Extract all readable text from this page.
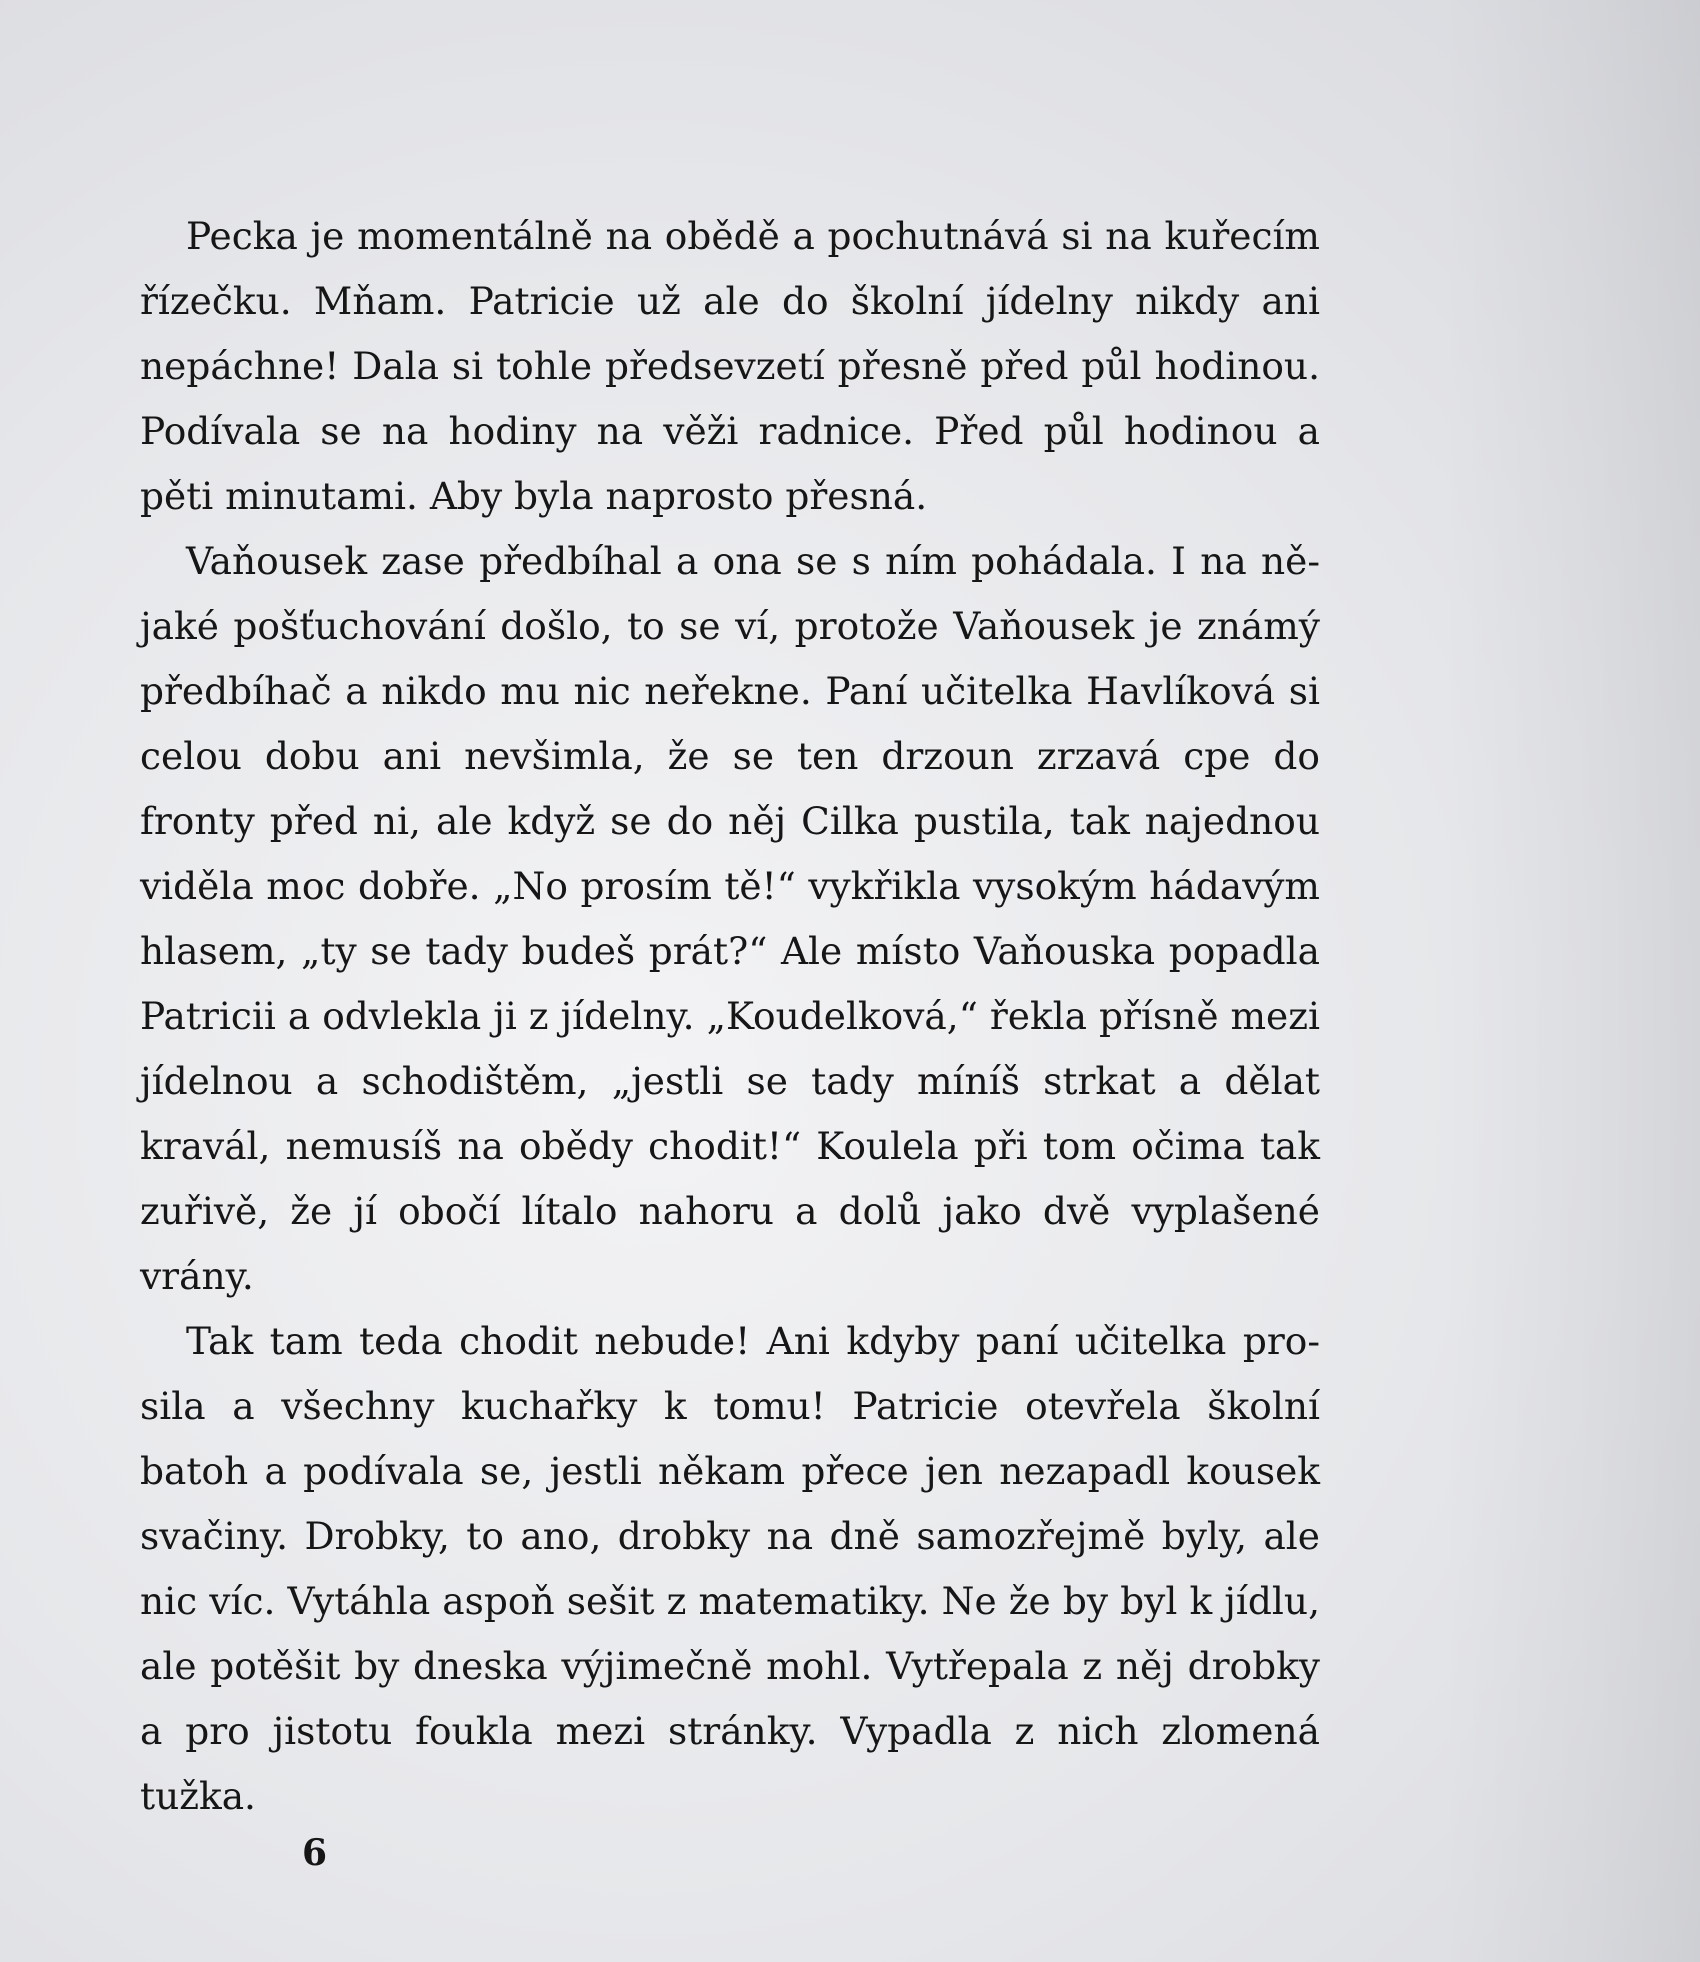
Pecka je momentálně na obědě a pochutnává si na kuřecím řízečku. Mňam. Patricie už ale do školní jídelny nikdy ani nepáchne! Dala si tohle předsevzetí přesně před půl hodinou. Podívala se na hodiny na věži radnice. Před půl hodinou a pěti minutami. Aby byla naprosto přesná.

Vaňousek zase předbíhal a ona se s ním pohádala. I na nějaké pošťuchování došlo, to se ví, protože Vaňousek je známý předbíhač a nikdo mu nic neřekne. Paní učitelka Havlíková si celou dobu ani nevšimla, že se ten drzoun zrzavá cpe do fronty před ni, ale když se do něj Cilka pustila, tak najednou viděla moc dobře. „No prosím tě!“ vykřikla vysokým hádavým hlasem, „ty se tady budeš prát?“ Ale místo Vaňouska popadla Patricii a odvlekla ji z jídelny. „Koudelková,“ řekla přísně mezi jídelnou a schodištěm, „jestli se tady míníš strkat a dělat kravál, nemusíš na obědy chodit!“ Koulela při tom očima tak zuřivě, že jí obočí lítalo nahoru a dolů jako dvě vyplašené vrány.

Tak tam teda chodit nebude! Ani kdyby paní učitelka prosila a všechny kuchařky k tomu! Patricie otevřela školní batoh a podívala se, jestli někam přece jen nezapadl kousek svačiny. Drobky, to ano, drobky na dně samozřejmě byly, ale nic víc. Vytáhla aspoň sešit z matematiky. Ne že by byl k jídlu, ale potěšit by dneska výjimečně mohl. Vytřepala z něj drobky a pro jistotu foukla mezi stránky. Vypadla z nich zlomená tužka.

6
